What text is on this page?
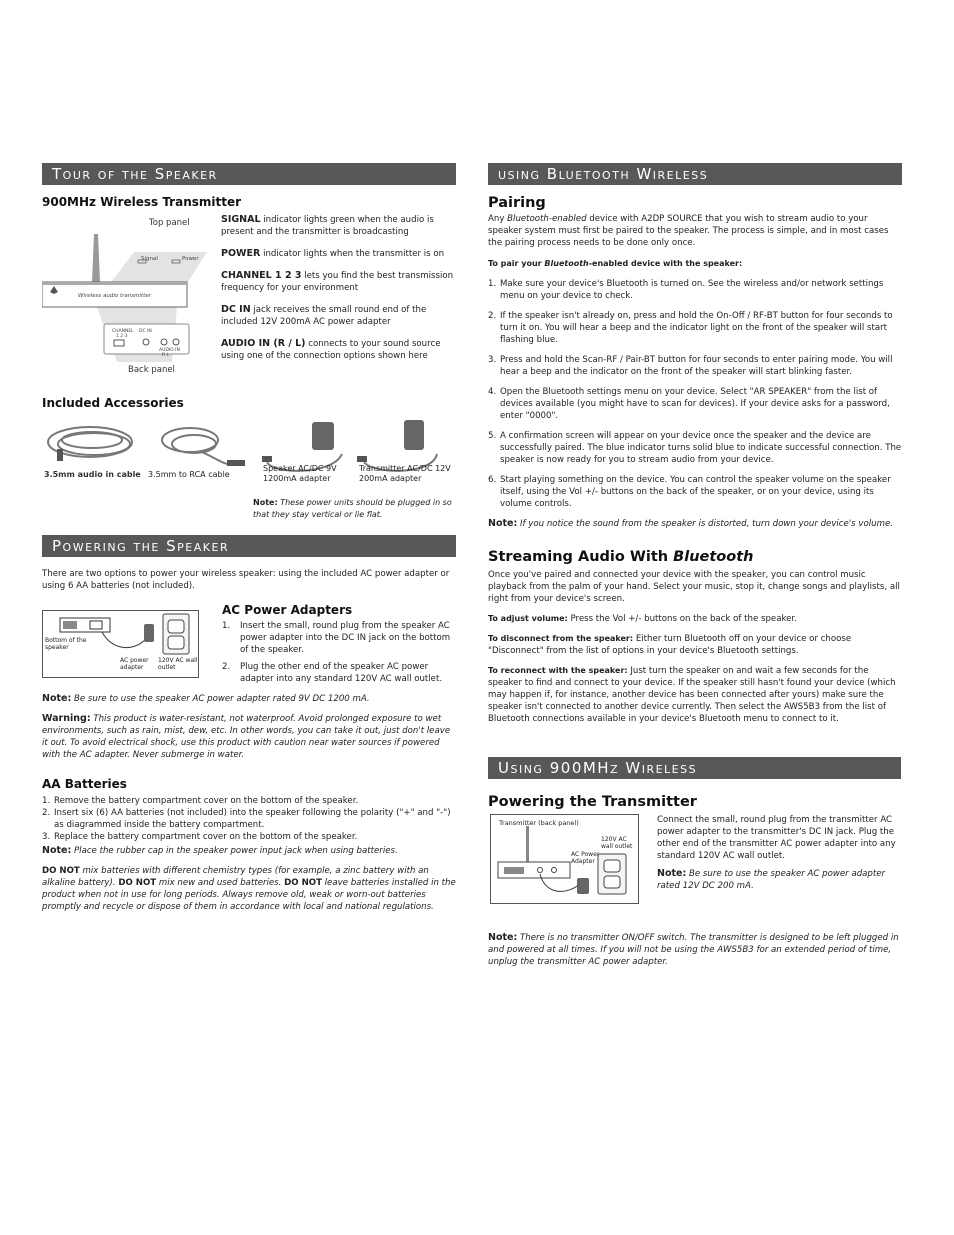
Tour of the Speaker
900MHz Wireless Transmitter
Top panel
Signal	Power
Wireless audio transmitter
CHANNEL
1 2 3
DC IN
AUDIO IN
R L
Back panel

SIGNAL indicator lights green when the audio is present and the transmitter is broadcasting

POWER indicator lights when the transmitter is on

CHANNEL 1 2 3 lets you find the best transmission frequency for your environment

DC IN jack receives the small round end of the included 12V 200mA AC power adapter

AUDIO IN (R / L) connects to your sound source using one of the connection options shown here

Included Accessories
3.5mm audio in cable 3.5mm to RCA cable
Speaker AC/DC 9V
1200mA adapter
Transmitter AC/DC 12V
200mA adapter

Note: These power units should be plugged in so that they stay vertical or lie flat.

Powering the Speaker

There are two options to power your wireless speaker: using the included AC power adapter or using 6 AA batteries (not included).

Bottom of the speaker
AC power adapter
120V AC wall outlet
AC Power Adapters
1. Insert the small, round plug from the speaker AC power adapter into the DC IN jack on the bottom of the speaker.
2. Plug the other end of the speaker AC power adapter into any standard 120V AC wall outlet.

Note: Be sure to use the speaker AC power adapter rated 9V DC 1200 mA.

Warning: This product is water-resistant, not waterproof. Avoid prolonged exposure to wet environments, such as rain, mist, dew, etc. In other words, you can take it out, just don't leave it out. To avoid electrical shock, use this product with caution near water sources if powered with the AC adapter. Never submerge in water.

AA Batteries
1. Remove the battery compartment cover on the bottom of the speaker.
2. Insert six (6) AA batteries (not included) into the speaker following the polarity ("+" and "-") as diagrammed inside the battery compartment.
3. Replace the battery compartment cover on the bottom of the speaker.

Note: Place the rubber cap in the speaker power input jack when using batteries.

DO NOT mix batteries with different chemistry types (for example, a zinc battery with an alkaline battery). DO NOT mix new and used batteries. DO NOT leave batteries installed in the product when not in use for long periods. Always remove old, weak or worn-out batteries promptly and recycle or dispose of them in accordance with local and national regulations.

using Bluetooth Wireless
Pairing

Any Bluetooth-enabled device with A2DP SOURCE that you wish to stream audio to your speaker system must first be paired to the speaker. The process is simple, and in most cases the pairing process needs to be done only once.

To pair your Bluetooth-enabled device with the speaker:

1. Make sure your device's Bluetooth is turned on. See the wireless and/or network settings menu on your device to check.
2. If the speaker isn't already on, press and hold the On-Off / RF-BT button for four seconds to turn it on. You will hear a beep and the indicator light on the front of the speaker will start flashing blue.
3. Press and hold the Scan-RF / Pair-BT button for four seconds to enter pairing mode. You will hear a beep and the indicator on the front of the speaker will start blinking faster.
4. Open the Bluetooth settings menu on your device. Select "AR SPEAKER" from the list of devices available (you might have to scan for devices). If your device asks for a password, enter "0000".
5. A confirmation screen will appear on your device once the speaker and the device are successfully paired. The blue indicator turns solid blue to indicate successful connection. The speaker is now ready for you to stream audio from your device.
6. Start playing something on the device. You can control the speaker volume on the speaker itself, using the Vol +/- buttons on the back of the speaker, or on your device, using its volume controls.

Note: If you notice the sound from the speaker is distorted, turn down your device's volume.

Streaming Audio With Bluetooth

Once you've paired and connected your device with the speaker, you can control music playback from the palm of your hand. Select your music, stop it, change songs and playlists, all right from your device's screen.

To adjust volume: Press the Vol +/- buttons on the back of the speaker.

To disconnect from the speaker: Either turn Bluetooth off on your device or choose "Disconnect" from the list of options in your device's Bluetooth settings.

To reconnect with the speaker: Just turn the speaker on and wait a few seconds for the speaker to find and connect to your device. If the speaker still hasn't found your device (which may happen if, for instance, another device has been connected after yours) make sure the speaker isn't connected to another device currently. Then select the AWS5B3 from the list of Bluetooth connections available in your device's Bluetooth menu to connect to it.

Using 900MHz Wireless
Powering the Transmitter
Transmitter (back panel)
120V AC wall outlet
AC Power Adapter

Connect the small, round plug from the transmitter AC power adapter to the transmitter's DC IN jack. Plug the other end of the transmitter AC power adapter into any standard 120V AC wall outlet.

Note: Be sure to use the speaker AC power adapter rated 12V DC 200 mA.

Note: There is no transmitter ON/OFF switch. The transmitter is designed to be left plugged in and powered at all times. If you will not be using the AWS5B3 for an extended period of time, unplug the transmitter AC power adapter.
